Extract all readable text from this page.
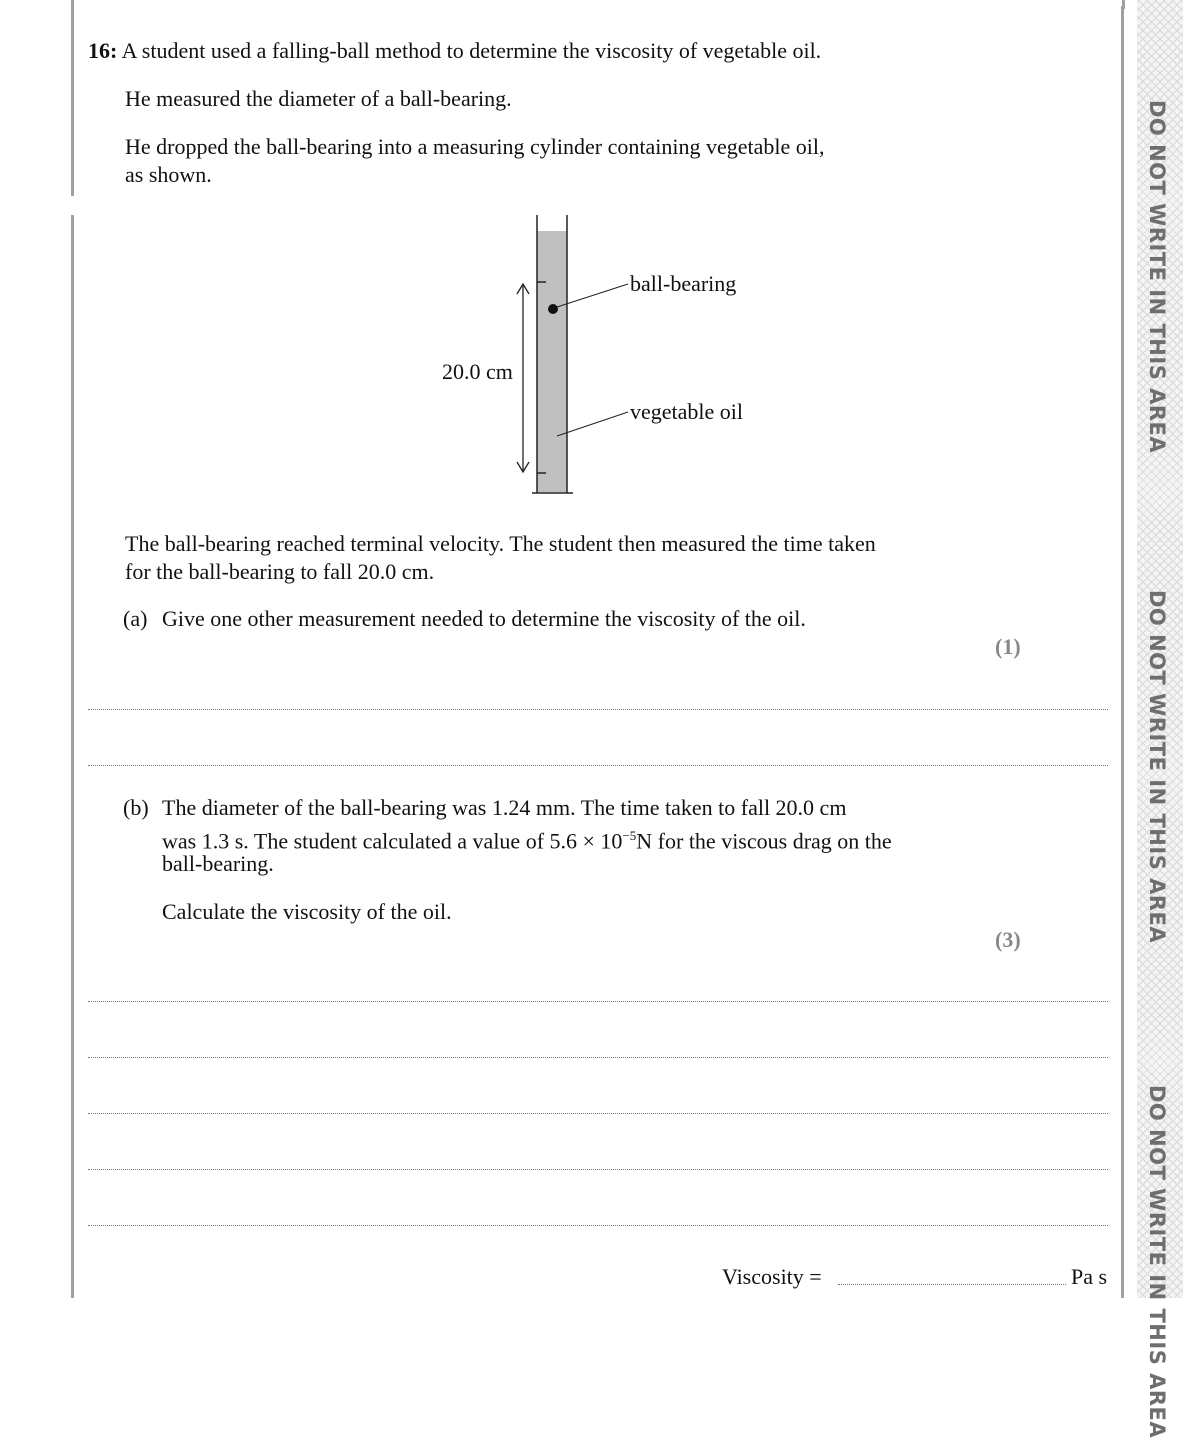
DO NOT WRITE IN THIS AREA
DO NOT WRITE IN THIS AREA
DO NOT WRITE IN THIS AREA
16: A student used a falling-ball method to determine the viscosity of vegetable oil.
He measured the diameter of a ball-bearing.
He dropped the ball-bearing into a measuring cylinder containing vegetable oil,
as shown.
20.0 cm
ball-bearing
vegetable oil
The ball-bearing reached terminal velocity. The student then measured the time taken
for the ball-bearing to fall 20.0 cm.
(a) Give one other measurement needed to determine the viscosity of the oil.
(1)
(b) The diameter of the ball-bearing was 1.24 mm. The time taken to fall 20.0 cm
was 1.3 s. The student calculated a value of $5.6 \times 10^{-5}N$ for the viscous drag on the
ball-bearing.
Calculate the viscosity of the oil.
(3)
Viscosity =	Pa s
